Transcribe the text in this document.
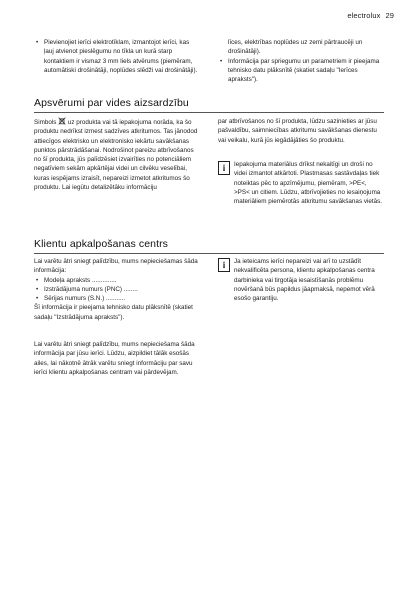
electrolux 29

• Pievienojiet ierīci elektrotīklam, izmantojot ierīci, kas ļauj atvienot pieslēgumu no tīkla un kurā starp kontaktiem ir vismaz 3 mm liels atvērums (piemēram, automātiski drošinātāji, noplūdes slēdži vai drošinātāji).

līces, elektrības noplūdes uz zemi pārtraucēji un drošinātāji).

• Informācija par spriegumu un parametriem ir pieejama tehnisko datu plāksnītē (skatiet sadaļu "Ierīces apraksts").

Apsvērumi par vides aizsardzību

Simbols uz produkta vai tā iepakojuma norāda, ka šo produktu nedrīkst izmest sadzīves atkritumos. Tas jānodod attiecīgos elektrisko un elektronisko iekārtu savākšanas punktos pārstrādāšanai. Nodrošinot pareizu atbrīvošanos no šī produkta, jūs palīdzēsiet izvairīties no potenciāliem negatīviem sekām apkārtējai videi un cilvēku veselībai, kuras iespējams izraisīt, nepareizi izmetot atkritumos šo produktu. Lai iegūtu detalizētāku informāciju

par atbrīvošanos no šī produkta, lūdzu sazinieties ar jūsu pašvaldību, saimniecības atkritumu savākšanas dienestu vai veikalu, kurā jūs iegādājāties šo produktu.

i	Iepakojuma materiālus drīkst nekaitīgi un droši no videi izmantot atkārtoti. Plastmasas sastāvdaļas tiek noteiktas pēc to apzīmējumu, piemēram, >PE<, >PS< un citiem. Lūdzu, atbrīvojieties no iesaiņojuma materiāliem piemērotās atkritumu savākšanas vietās.

Klientu apkalpošanas centrs

Lai varētu ātri sniegt palīdzību, mums nepieciešamas šāda informācija:

• Modeļa apraksts ..............

• Izstrādājuma numurs (PNC) ........

• Sērijas numurs (S.N.) ...........

Šī informācija ir pieejama tehnisko datu plāksnītē (skatiet sadaļu "Izstrādājuma apraksts").

i	Ja ieteicams ierīci nepareizi vai arī to uzstādīt nekvalificēta persona, klientu apkalpošanas centra darbinieka vai tirgotāja iesaistīšanās problēmu novēršanā būs papildus jāapmaksā, nepemot vērā esošo garantiju.

Lai varētu ātri sniegt palīdzību, mums nepieciešama šāda informācija par jūsu ierīci. Lūdzu, aizpildiet tālāk esošās ailes, lai nākotnē ātrāk varētu sniegt informāciju par savu ierīci klientu apkalpošanas centram vai pārdevējam.
